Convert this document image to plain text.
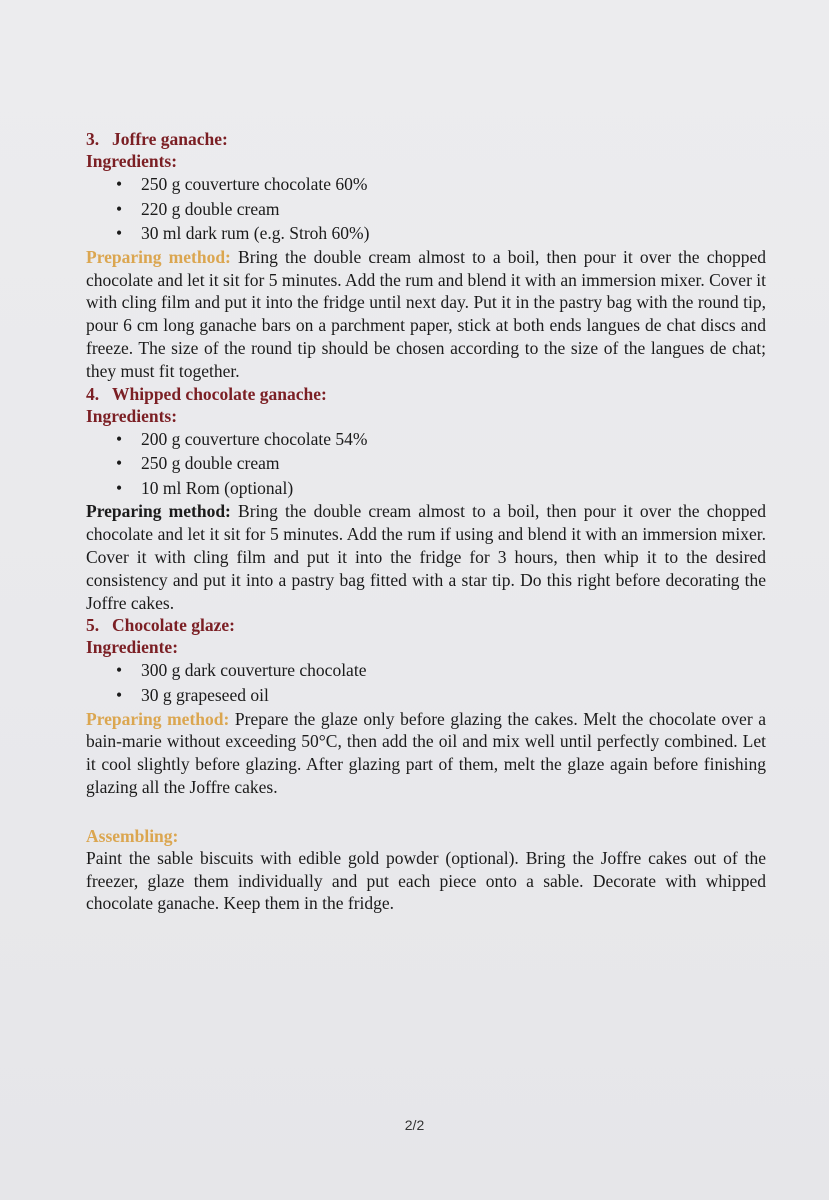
3. Joffre ganache:
Ingredients:
• 250 g couverture chocolate 60%
• 220 g double cream
• 30 ml dark rum (e.g. Stroh 60%)

Preparing method: Bring the double cream almost to a boil, then pour it over the chopped chocolate and let it sit for 5 minutes. Add the rum and blend it with an immersion mixer. Cover it with cling film and put it into the fridge until next day. Put it in the pastry bag with the round tip, pour 6 cm long ganache bars on a parchment paper, stick at both ends langues de chat discs and freeze. The size of the round tip should be chosen according to the size of the langues de chat; they must fit together.

4. Whipped chocolate ganache:
Ingredients:
• 200 g couverture chocolate 54%
• 250 g double cream
• 10 ml Rom (optional)

Preparing method: Bring the double cream almost to a boil, then pour it over the chopped chocolate and let it sit for 5 minutes. Add the rum if using and blend it with an immersion mixer. Cover it with cling film and put it into the fridge for 3 hours, then whip it to the desired consistency and put it into a pastry bag fitted with a star tip. Do this right before decorating the Joffre cakes.

5. Chocolate glaze:
Ingrediente:
• 300 g dark couverture chocolate
• 30 g grapeseed oil

Preparing method: Prepare the glaze only before glazing the cakes. Melt the chocolate over a bain-marie without exceeding 50°C, then add the oil and mix well until perfectly combined. Let it cool slightly before glazing. After glazing part of them, melt the glaze again before finishing glazing all the Joffre cakes.

Assembling:

Paint the sable biscuits with edible gold powder (optional). Bring the Joffre cakes out of the freezer, glaze them individually and put each piece onto a sable. Decorate with whipped chocolate ganache. Keep them in the fridge.

2/2
